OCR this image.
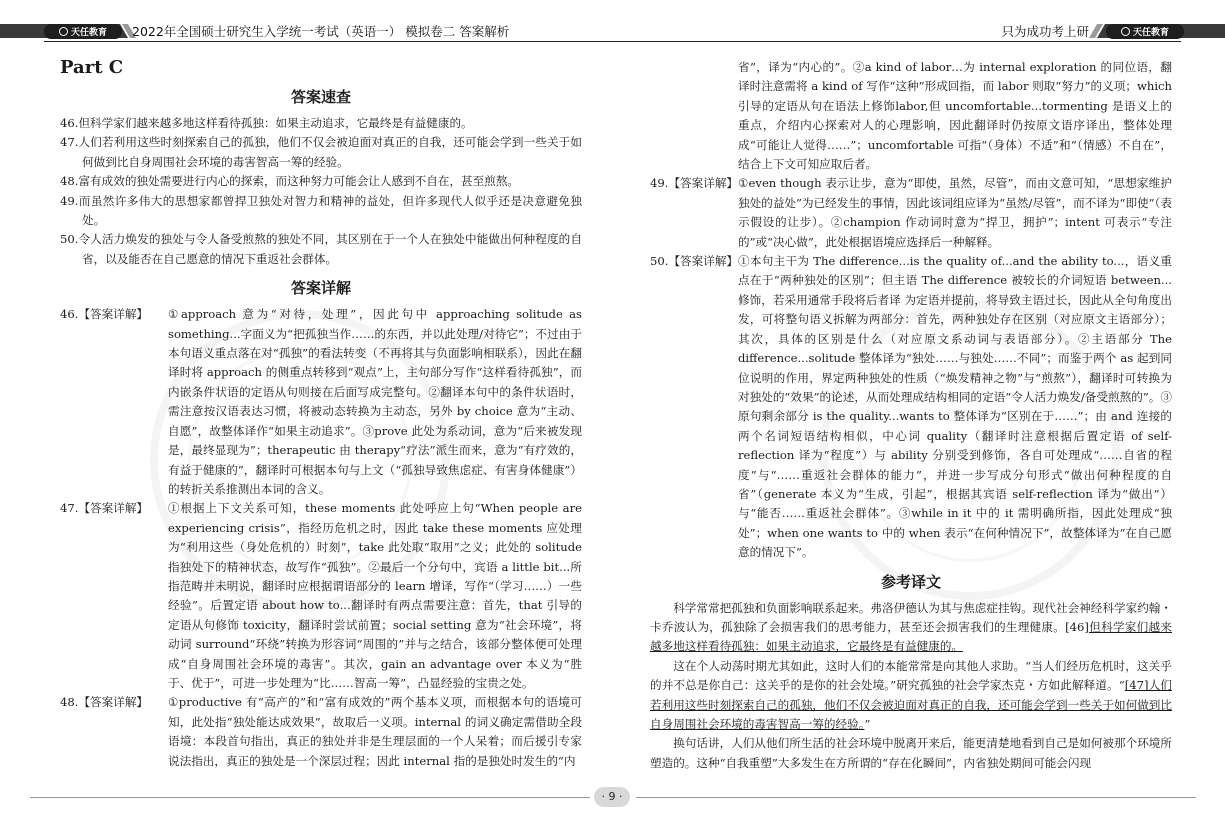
天任教育 2022年全国硕士研究生入学统一考试（英语一） 模拟卷二 答案解析	只为成功考上研	天任教育
Part C
答案速查

46.但科学家们越来越多地这样看待孤独：如果主动追求，它最终是有益健康的。

47.人们若利用这些时刻探索自己的孤独，他们不仅会被迫面对真正的自我，还可能会学到一些关于如何做到比自身周围社会环境的毒害智高一筹的经验。

48.富有成效的独处需要进行内心的探索，而这种努力可能会让人感到不自在，甚至煎熬。

49.而虽然许多伟大的思想家都曾捍卫独处对智力和精神的益处，但许多现代人似乎还是决意避免独处。

50.令人活力焕发的独处与令人备受煎熬的独处不同，其区别在于一个人在独处中能做出何种程度的自省，以及能否在自己愿意的情况下重返社会群体。

答案详解

46.【答案详解】 ①approach 意为“对待，处理”，因此句中 approaching solitude as something...字面义为“把孤独当作……的东西，并以此处理/对待它”；不过由于本句语义重点落在对“孤独”的看法转变（不再将其与负面影响相联系），因此在翻译时将 approach 的侧重点转移到“观点”上，主句部分写作“这样看待孤独”，而内嵌条件状语的定语从句则接在后面写成完整句。②翻译本句中的条件状语时，需注意按汉语表达习惯，将被动态转换为主动态，另外 by choice 意为“主动、自愿”，故整体译作“如果主动追求”。③prove 此处为系动词，意为“后来被发现是，最终显现为”；therapeutic 由 therapy“疗法”派生而来，意为“有疗效的，有益于健康的”，翻译时可根据本句与上文（“孤独导致焦虑症、有害身体健康”）的转折关系推测出本词的含义。

47.【答案详解】 ①根据上下文关系可知，these moments 此处呼应上句“When people are experiencing crisis”，指经历危机之时，因此 take these moments 应处理为“利用这些（身处危机的）时刻”，take 此处取“取用”之义；此处的 solitude 指独处下的精神状态，故写作“孤独”。②最后一个分句中，宾语 a little bit...所指范畴并未明说，翻译时应根据谓语部分的 learn 增译，写作“（学习……）一些经验”。后置定语 about how to...翻译时有两点需要注意：首先，that 引导的定语从句修饰 toxicity，翻译时尝试前置；social setting 意为“社会环境”，将动词 surround“环绕”转换为形容词“周围的”并与之结合，该部分整体便可处理成“自身周围社会环境的毒害”。其次，gain an advantage over 本义为“胜于、优于”，可进一步处理为“比……智高一筹”，凸显经验的宝贵之处。

48.【答案详解】 ①productive 有“高产的”和“富有成效的”两个基本义项，而根据本句的语境可知，此处指“独处能达成效果”，故取后一义项。internal 的词义确定需借助全段语境：本段首句指出，真正的独处并非是生理层面的一个人呆着；而后援引专家说法指出，真正的独处是一个深层过程；因此 internal 指的是独处时发生的“内

省”，译为“内心的”。②a kind of labor…为 internal exploration 的同位语，翻译时注意需将 a kind of 写作“这种”形成回指，而 labor 则取“努力”的义项；which 引导的定语从句在语法上修饰labor,但 uncomfortable...tormenting 是语义上的重点，介绍内心探索对人的心理影响，因此翻译时仍按原文语序译出，整体处理成“可能让人觉得……”；uncomfortable 可指“（身体）不适”和“（情感）不自在”，结合上下文可知应取后者。

49.【答案详解】 ①even though 表示让步，意为“即使，虽然，尽管”，而由文意可知，“思想家维护独处的益处”为已经发生的事情，因此该词组应译为“虽然/尽管”，而不译为“即使”（表示假设的让步）。②champion 作动词时意为“捍卫，拥护”；intent 可表示“专注的”或“决心做”，此处根据语境应选择后一种解释。

50.【答案详解】 ①本句主干为 The difference...is the quality of...and the ability to...，语义重点在于“两种独处的区别”；但主语 The difference 被较长的介词短语 between...修饰，若采用通常手段将后者译 为定语并提前，将导致主语过长，因此从全句角度出发，可将整句语义拆解为两部分：首先，两种独处存在区别（对应原文主语部分）；其次，具体的区别是什么（对应原文系动词与表语部分）。②主语部分 The difference...solitude 整体译为“独处……与独处……不同”；而鉴于两个 as 起到同位说明的作用，界定两种独处的性质（“焕发精神之物”与“煎熬”），翻译时可转换为对独处的“效果”的论述，从而处理成结构相同的定语“令人活力焕发/备受煎熬的”。③原句剩余部分 is the quality...wants to 整体译为“区别在于……”；由 and 连接的两个名词短语结构相似，中心词 quality（翻译时注意根据后置定语 of self-reflection 译为“程度”）与 ability 分别受到修饰，各自可处理成“……自省的程度”与“……重返社会群体的能力”，并进一步写成分句形式“做出何种程度的自省”（generate 本义为“生成，引起”，根据其宾语 self-reflection 译为“做出”）与“能否……重返社会群体”。③while in it 中的 it 需明确所指，因此处理成“独处”；when one wants to 中的 when 表示“在何种情况下”，故整体译为“在自己愿意的情况下”。

参考译文

科学常常把孤独和负面影响联系起来。弗洛伊德认为其与焦虑症挂钩。现代社会神经科学家约翰・卡乔波认为，孤独除了会损害我们的思考能力，甚至还会损害我们的生理健康。[46]但科学家们越来越多地这样看待孤独：如果主动追求，它最终是有益健康的。

这在个人动荡时期尤其如此，这时人们的本能常常是向其他人求助。“当人们经历危机时，这关乎的并不总是你自己：这关乎的是你的社会处境。”研究孤独的社会学家杰克・方如此解释道。“[47]人们若利用这些时刻探索自己的孤独，他们不仅会被迫面对真正的自我，还可能会学到一些关于如何做到比自身周围社会环境的毒害智高一筹的经验。”

换句话讲，人们从他们所生活的社会环境中脱离开来后，能更清楚地看到自己是如何被那个环境所塑造的。这种“自我重塑”大多发生在方所谓的“存在化瞬间”，内省独处期间可能会闪现

· 9 ·
